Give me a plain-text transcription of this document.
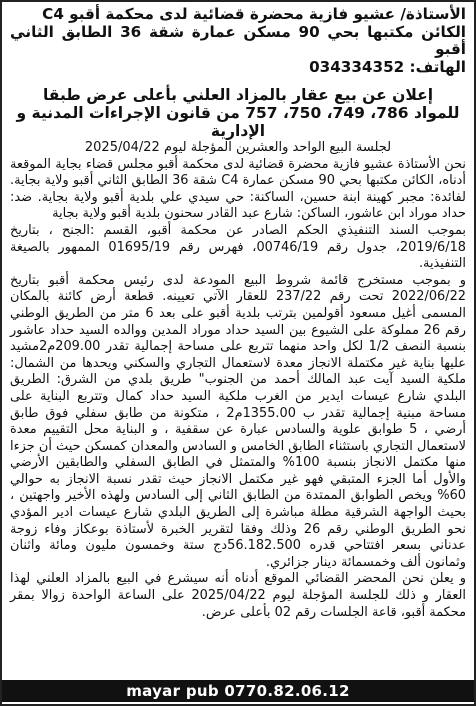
الأستاذة/ عشيو فازية محضرة قضائية لدى محكمة أقبو C4

الكائن مكتبها بحي 90 مسكن عمارة شقة 36 الطابق الثاني أقبو

الهاتف: 034334352

إعلان عن بيع عقار بالمزاد العلني بأعلى عرض طبقا

للمواد 786، 749، 750، 757 من قانون الإجراءات المدنية و الإدارية

لجلسة البيع الواحد والعشرين المؤجلة ليوم 2025/04/22

نحن الأستاذة عشيو فازية محضرة قضائية لدى محكمة أقبو مجلس قضاء بجاية الموقعة أدناه، الكائن مكتبها بحي 90 مسكن عمارة C4 شقة 36 الطابق الثاني أقبو ولاية بجاية. لفائدة: مجبر كهينة ابنة حسين، الساكنة: حي سيدي علي بلدية أقبو ولاية بجاية. ضد: حداد موراد ابن عاشور، الساكن: شارع عبد القادر سحنون بلدية أقبو ولاية بجاية

بموجب السند التنفيذي الحكم الصادر عن محكمة أقبو، القسم :الجنح ، بتاريخ 2019/6/18، جدول رقم 00746/19، فهرس رقم 01695/19 الممهور بالصيغة التنفيذية.

و بموجب مستخرج قائمة شروط البيع المودعة لدى رئيس محكمة أقبو بتاريخ 2022/06/22 تحت رقم 237/22 للعقار الآتي تعيينه. قطعة أرض كائنة بالمكان المسمى أغيل مسعود أقولمين بترتب بلدية أقبو على بعد 6 متر من الطريق الوطني رقم 26 مملوكة على الشيوع بين السيد حداد موراد المدين ووالده السيد حداد عاشور بنسبة النصف 1/2 لكل واحد منهما تتربع على مساحة إجمالية تقدر 209.00م2مشيد عليها بناية غير مكتملة الانجاز معدة لاستعمال التجاري والسكني ويحدها من الشمال: ملكية السيد آيت عبد المالك أحمد من الجنوب" طريق بلدي من الشرق: الطريق البلدي شارع عيسات ايدير من الغرب ملكية السيد حداد كمال وتتربع البناية على مساحة مبنية إجمالية تقدر ب 1355.00م2 ، متكونة من طابق سفلي فوق طابق أرضي ، 5 طوابق علوية والسادس عبارة عن سقفية ، و البناية محل التقييم معدة لاستعمال التجاري باستثناء الطابق الخامس و السادس والمعدان كمسكن حيث أن جزءا منها مكتمل الانجاز بنسبة 100% والمتمثل في الطابق السفلي والطابقين الأرضي والأول أما الجزء المتبقي فهو غير مكتمل الانجاز حيث تقدر نسبة الانجاز به حوالي 60% ويخص الطوابق الممتدة من الطابق الثاني إلى السادس ولهذه الأخير واجهتين ، بحيث الواجهة الشرقية مطلة مباشرة إلى الطريق البلدي شارع عيسات ادير المؤدي نحو الطريق الوطني رقم 26 وذلك وفقا لتقرير الخبرة لأستاذة بوعكاز وفاء زوجة عدناني بسعر افتتاحي قدره 56.182.500دج ستة وخمسون مليون ومائة واثنان وثمانون ألف وخمسمائة دينار جزائري.

و يعلن نحن المحضر القضائي الموقع أدناه أنه سيشرع في البيع بالمزاد العلني لهذا العقار و ذلك للجلسة المؤجلة ليوم 2025/04/22 على الساعة الواحدة زوالا بمقر محكمة أقبو، قاعة الجلسات رقم 02 بأعلى عرض.

mayar pub 0770.82.06.12
